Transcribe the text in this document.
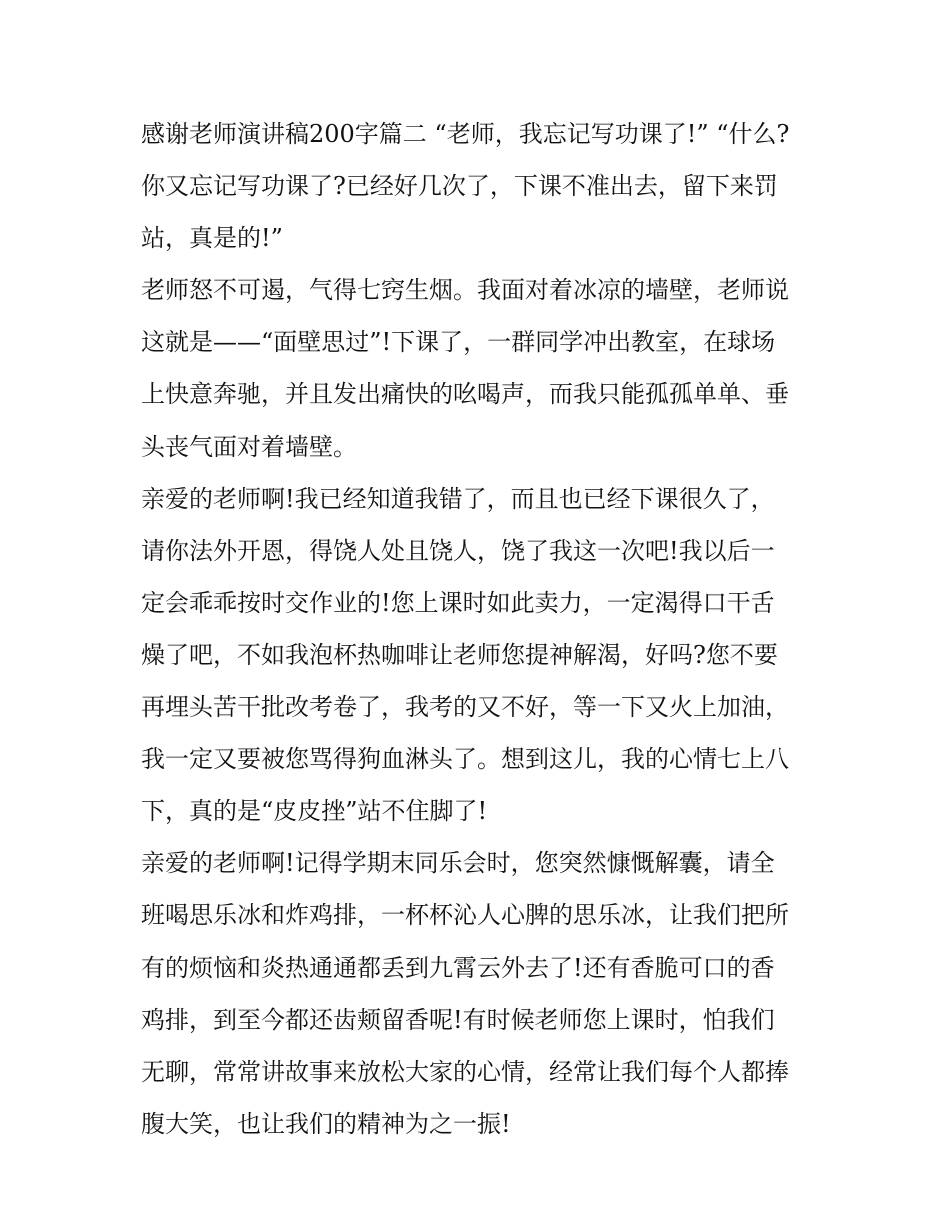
感谢老师演讲稿200字篇二 “老师，我忘记写功课了!” “什么?
你又忘记写功课了?已经好几次了，下课不准出去，留下来罚
站，真是的!”

老师怒不可遏，气得七窍生烟。我面对着冰凉的墙壁，老师说
这就是——“面壁思过”!下课了，一群同学冲出教室，在球场
上快意奔驰，并且发出痛快的吆喝声，而我只能孤孤单单、垂
头丧气面对着墙壁。

亲爱的老师啊!我已经知道我错了，而且也已经下课很久了，
请你法外开恩，得饶人处且饶人，饶了我这一次吧!我以后一
定会乖乖按时交作业的!您上课时如此卖力，一定渴得口干舌
燥了吧，不如我泡杯热咖啡让老师您提神解渴，好吗?您不要
再埋头苦干批改考卷了，我考的又不好，等一下又火上加油，
我一定又要被您骂得狗血淋头了。想到这儿，我的心情七上八
下，真的是“皮皮挫”站不住脚了!

亲爱的老师啊!记得学期末同乐会时，您突然慷慨解囊，请全
班喝思乐冰和炸鸡排，一杯杯沁人心脾的思乐冰，让我们把所
有的烦恼和炎热通通都丢到九霄云外去了!还有香脆可口的香
鸡排，到至今都还齿颊留香呢!有时候老师您上课时，怕我们
无聊，常常讲故事来放松大家的心情，经常让我们每个人都捧
腹大笑，也让我们的精神为之一振!
